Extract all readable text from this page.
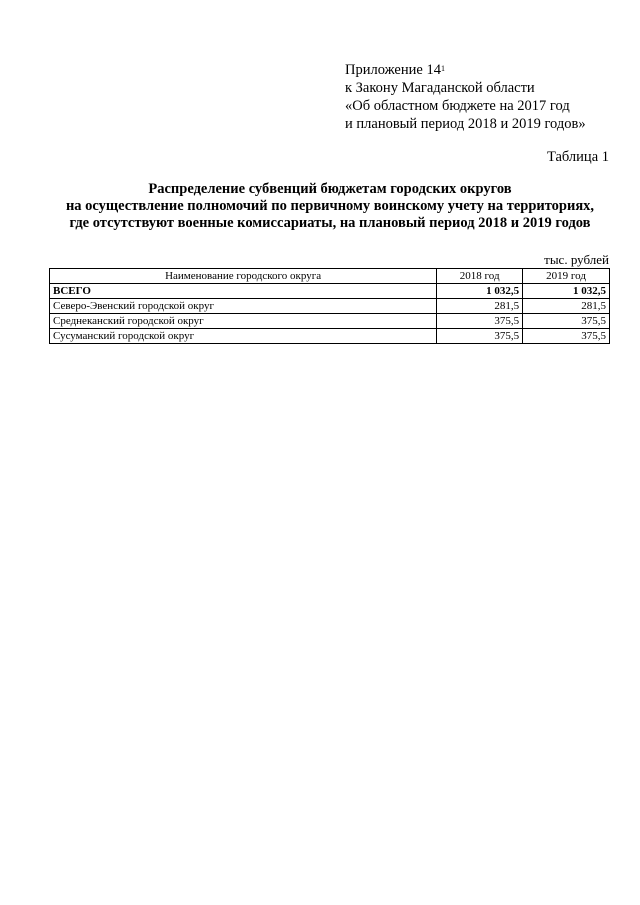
Приложение $14^1$
к Закону Магаданской области
«Об областном бюджете на 2017 год
и плановый период 2018 и 2019 годов»
Таблица 1
Распределение субвенций бюджетам городских округов
на осуществление полномочий по первичному воинскому учету на территориях,
где отсутствуют военные комиссариаты, на плановый период 2018 и 2019 годов
тыс. рублей
Наименование городского округа	2018 год	2019 год
ВСЕГО	1 032,5	1 032,5
Северо-Эвенский городской округ	281,5	281,5
Среднеканский городской округ	375,5	375,5
Сусуманский городской округ	375,5	375,5
